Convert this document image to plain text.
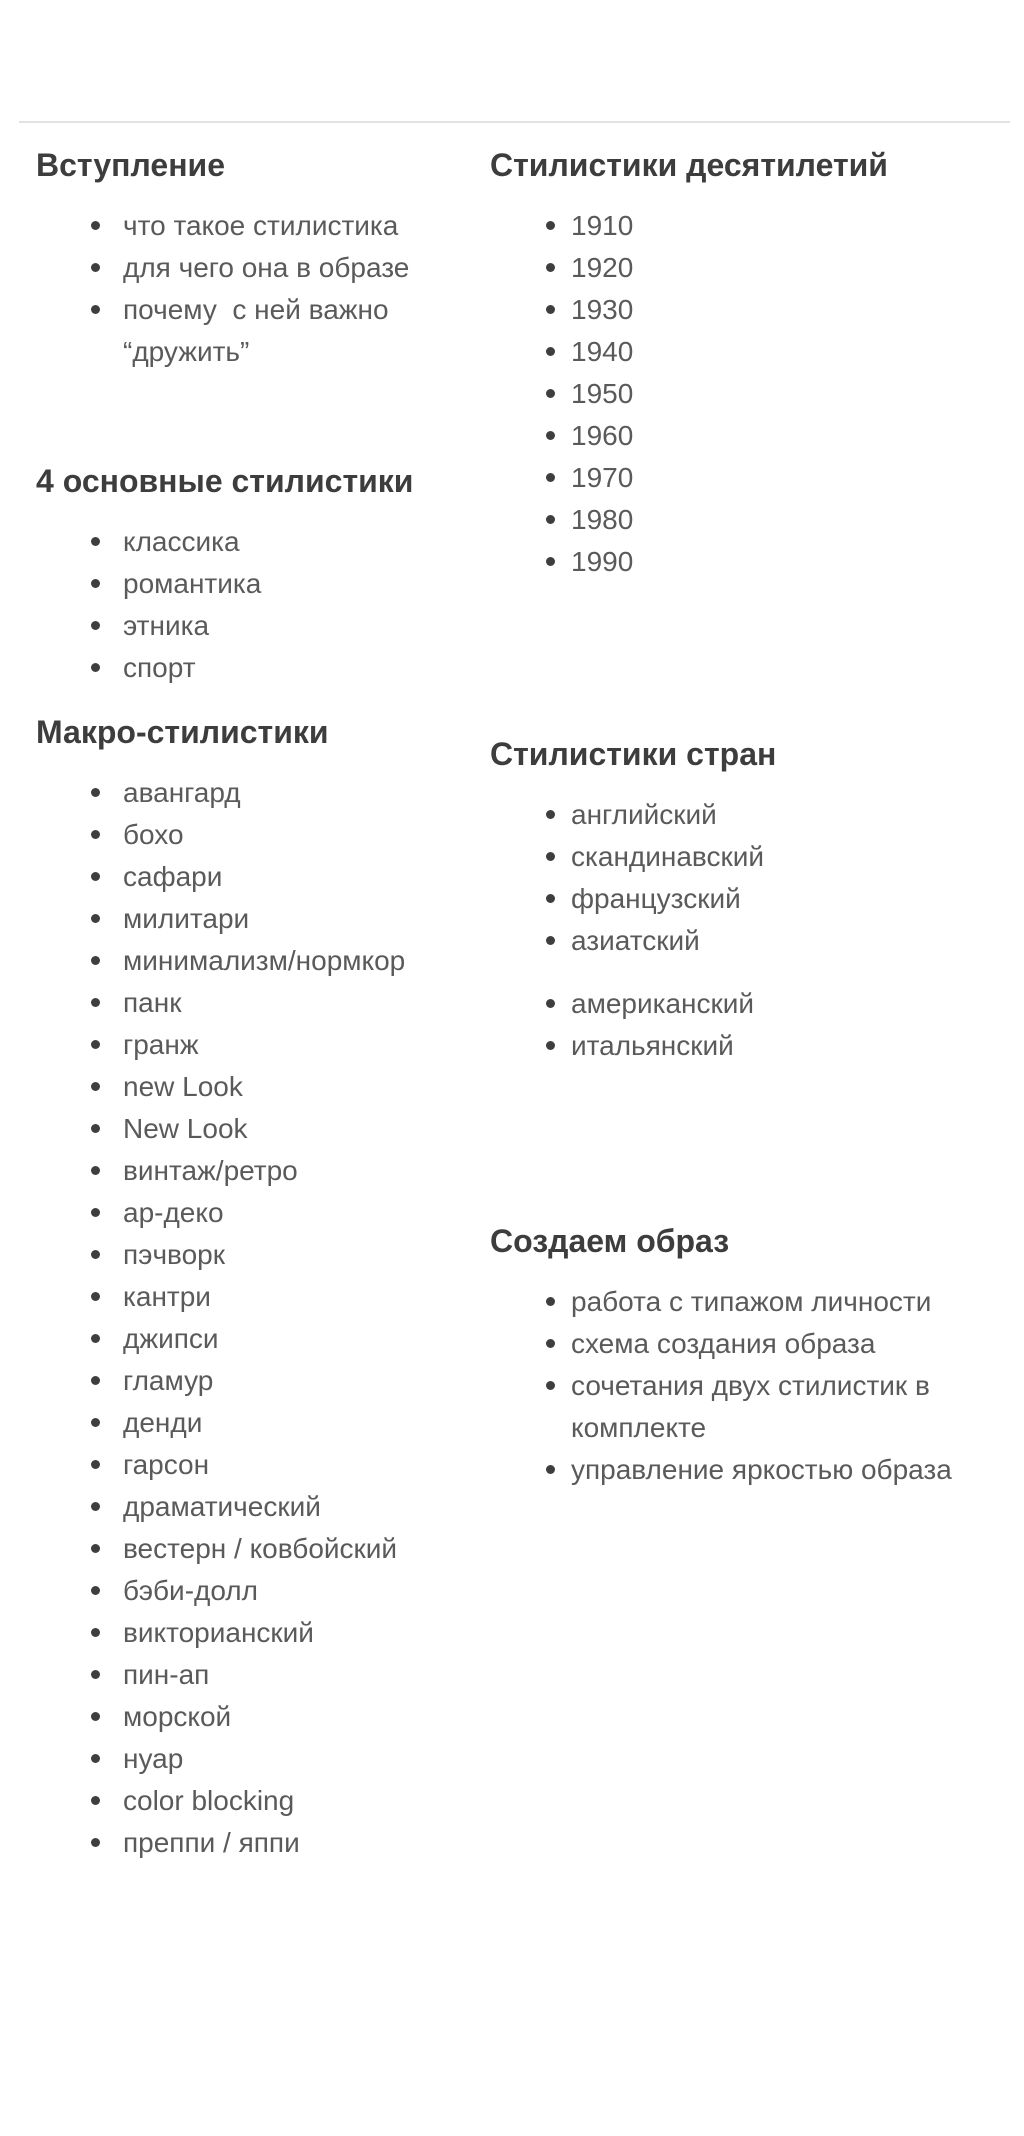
Вступление
что такое стилистика
для чего она в образе
почему  с ней важно “дружить”
4 основные стилистики
классика
романтика
этника
спорт
Макро-стилистики
авангард
бохо
сафари
милитари
минимализм/нормкор
панк
гранж
new Look
New Look
винтаж/ретро
ар-деко
пэчворк
кантри
джипси
гламур
денди
гарсон
драматический
вестерн / ковбойский
бэби-долл
викторианский
пин-ап
морской
нуар
color blocking
преппи / яппи
Стилистики десятилетий
1910
1920
1930
1940
1950
1960
1970
1980
1990
Стилистики стран
английский
скандинавский
французский
азиатский
американский
итальянский
Создаем образ
работа с типажом личности
схема создания образа
сочетания двух стилистик в комплекте
управление яркостью образа
